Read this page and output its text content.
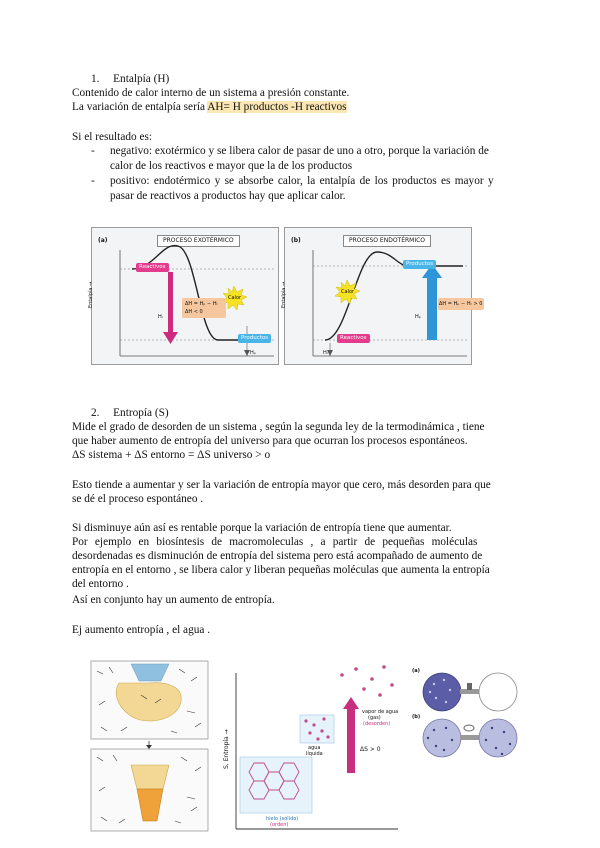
1. Entalpía (H)
Contenido de calor interno de un sistema a presión constante.
La variación de entalpía sería AH= H productos -H reactivos
Si el resultado es:
- negativo: exotérmico y se libera calor de pasar de uno a otro, porque la variación de
calor de los reactivos e mayor que la de los productos
- positivo: endotérmico y se absorbe calor, la entalpía de los productos es mayor y
pasar de reactivos a productos hay que aplicar calor.
(a)	PROCESO EXOTÉRMICO
Entalpía →
Reactivos
Productos
Calor
ΔH = Hₚ − Hᵣ
ΔH < 0
Hᵣ
Hₚ
(b)	PROCESO ENDOTÉRMICO
Entalpía →
Productos
Reactivos
Calor
ΔH = Hₚ − Hᵣ > 0
Hᵣ
Hₚ
2. Entropía (S)
Mide el grado de desorden de un sistema , según la segunda ley de la termodinámica , tiene
que haber aumento de entropía del universo para que ocurran los procesos espontáneos.
ΔS sistema + ΔS entorno = ΔS universo > o
Esto tiende a aumentar y ser la variación de entropía mayor que cero, más desorden para que
se dé el proceso espontáneo .
Si disminuye aún así es rentable porque la variación de entropía tiene que aumentar.
Por ejemplo en biosíntesis de macromoleculas , a partir de pequeñas moléculas
desordenadas es disminución de entropía del sistema pero está acompañado de aumento de
entropía en el entorno , se libera calor y liberan pequeñas moléculas que aumenta la entropía
del entorno .
Así en conjunto hay un aumento de entropía.
Ej aumento entropía , el agua .
S, Entropía →
hielo (sólido)
(orden)
agua
líquida
vapor de agua
(gas)
(desorden)
ΔS > 0
(a)
(b)
